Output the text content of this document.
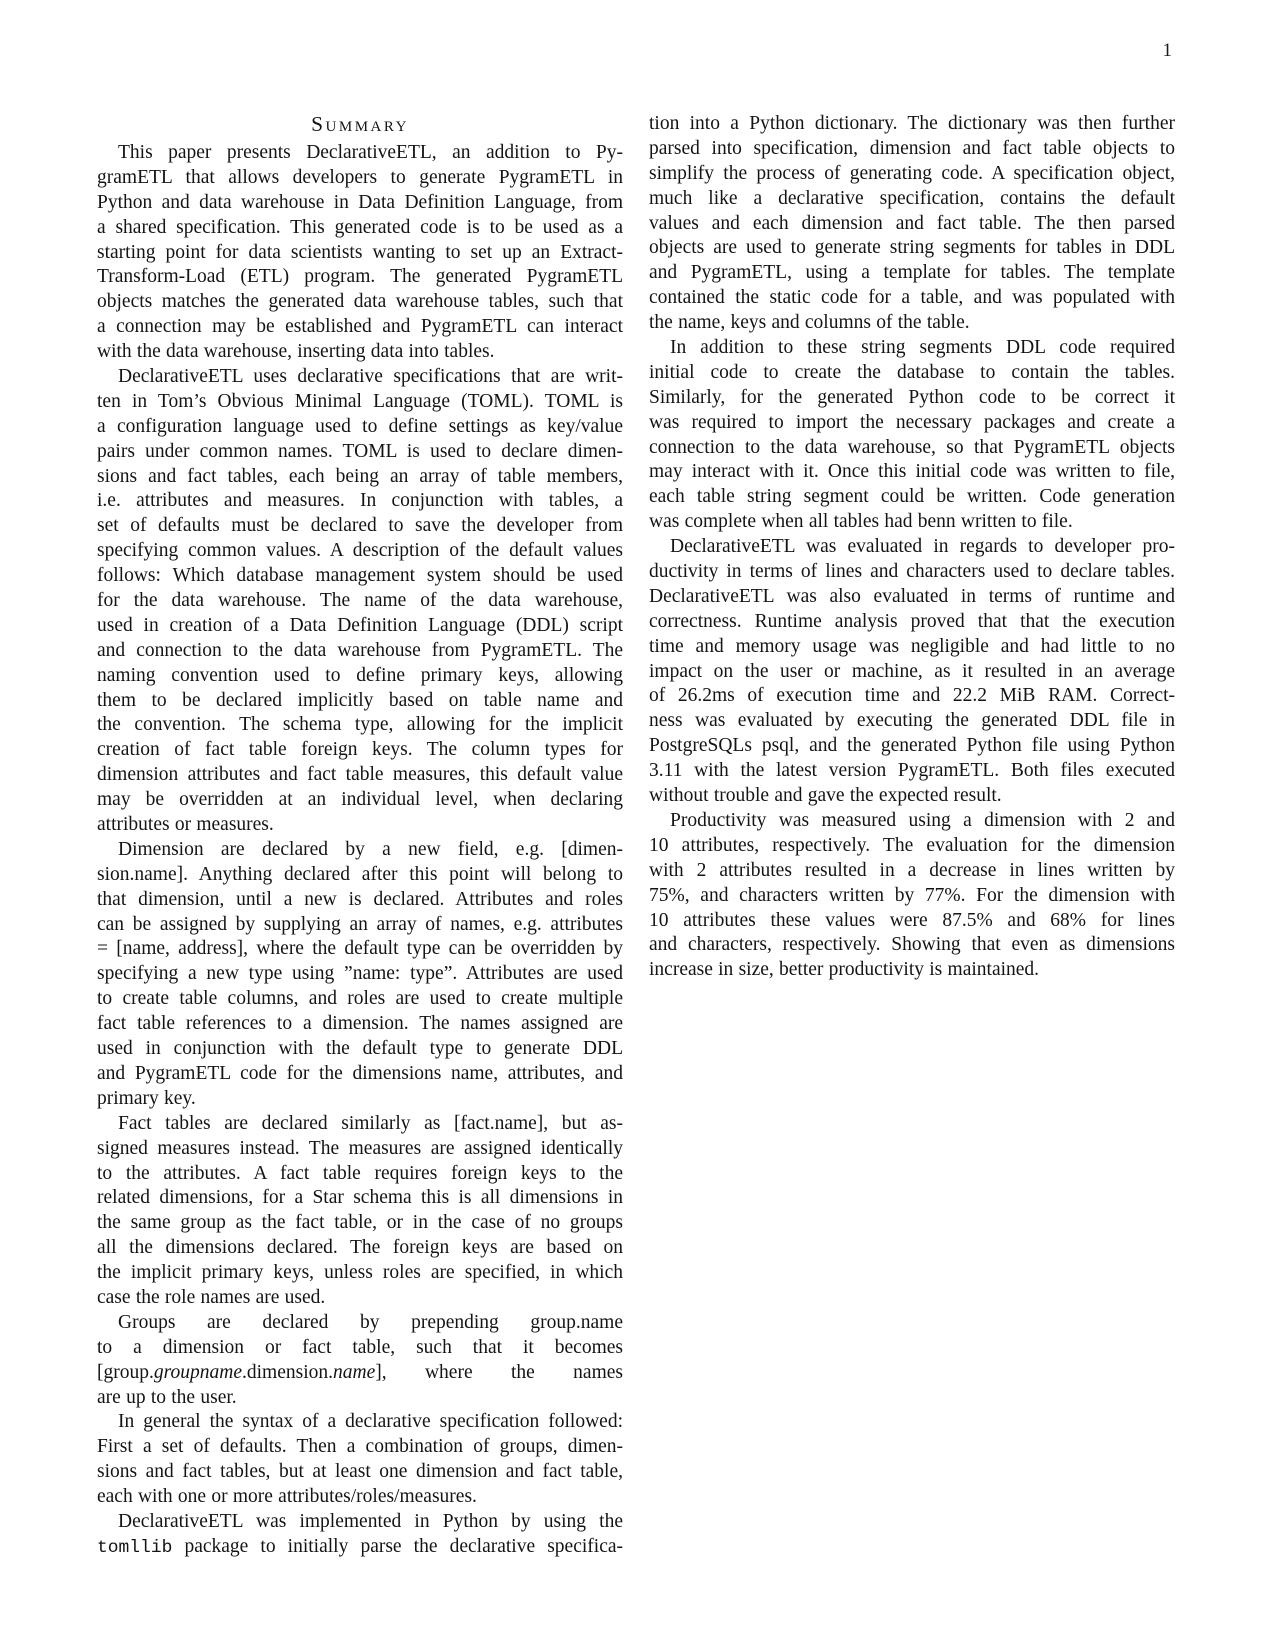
1
Summary
This paper presents DeclarativeETL, an addition to Py-
gramETL that allows developers to generate PygramETL in
Python and data warehouse in Data Definition Language, from
a shared specification. This generated code is to be used as a
starting point for data scientists wanting to set up an Extract-
Transform-Load (ETL) program. The generated PygramETL
objects matches the generated data warehouse tables, such that
a connection may be established and PygramETL can interact
with the data warehouse, inserting data into tables.
DeclarativeETL uses declarative specifications that are writ-
ten in Tom’s Obvious Minimal Language (TOML). TOML is
a configuration language used to define settings as key/value
pairs under common names. TOML is used to declare dimen-
sions and fact tables, each being an array of table members,
i.e. attributes and measures. In conjunction with tables, a
set of defaults must be declared to save the developer from
specifying common values. A description of the default values
follows: Which database management system should be used
for the data warehouse. The name of the data warehouse,
used in creation of a Data Definition Language (DDL) script
and connection to the data warehouse from PygramETL. The
naming convention used to define primary keys, allowing
them to be declared implicitly based on table name and
the convention. The schema type, allowing for the implicit
creation of fact table foreign keys. The column types for
dimension attributes and fact table measures, this default value
may be overridden at an individual level, when declaring
attributes or measures.
Dimension are declared by a new field, e.g. [dimen-
sion.name]. Anything declared after this point will belong to
that dimension, until a new is declared. Attributes and roles
can be assigned by supplying an array of names, e.g. attributes
= [name, address], where the default type can be overridden by
specifying a new type using ”name: type”. Attributes are used
to create table columns, and roles are used to create multiple
fact table references to a dimension. The names assigned are
used in conjunction with the default type to generate DDL
and PygramETL code for the dimensions name, attributes, and
primary key.
Fact tables are declared similarly as [fact.name], but as-
signed measures instead. The measures are assigned identically
to the attributes. A fact table requires foreign keys to the
related dimensions, for a Star schema this is all dimensions in
the same group as the fact table, or in the case of no groups
all the dimensions declared. The foreign keys are based on
the implicit primary keys, unless roles are specified, in which
case the role names are used.
Groups are declared by prepending group.name
to a dimension or fact table, such that it becomes
[group.groupname.dimension.name], where the names
are up to the user.
In general the syntax of a declarative specification followed:
First a set of defaults. Then a combination of groups, dimen-
sions and fact tables, but at least one dimension and fact table,
each with one or more attributes/roles/measures.
DeclarativeETL was implemented in Python by using the
tomllib package to initially parse the declarative specifica-
tion into a Python dictionary. The dictionary was then further
parsed into specification, dimension and fact table objects to
simplify the process of generating code. A specification object,
much like a declarative specification, contains the default
values and each dimension and fact table. The then parsed
objects are used to generate string segments for tables in DDL
and PygramETL, using a template for tables. The template
contained the static code for a table, and was populated with
the name, keys and columns of the table.
In addition to these string segments DDL code required
initial code to create the database to contain the tables.
Similarly, for the generated Python code to be correct it
was required to import the necessary packages and create a
connection to the data warehouse, so that PygramETL objects
may interact with it. Once this initial code was written to file,
each table string segment could be written. Code generation
was complete when all tables had benn written to file.
DeclarativeETL was evaluated in regards to developer pro-
ductivity in terms of lines and characters used to declare tables.
DeclarativeETL was also evaluated in terms of runtime and
correctness. Runtime analysis proved that that the execution
time and memory usage was negligible and had little to no
impact on the user or machine, as it resulted in an average
of 26.2ms of execution time and 22.2 MiB RAM. Correct-
ness was evaluated by executing the generated DDL file in
PostgreSQLs psql, and the generated Python file using Python
3.11 with the latest version PygramETL. Both files executed
without trouble and gave the expected result.
Productivity was measured using a dimension with 2 and
10 attributes, respectively. The evaluation for the dimension
with 2 attributes resulted in a decrease in lines written by
75%, and characters written by 77%. For the dimension with
10 attributes these values were 87.5% and 68% for lines
and characters, respectively. Showing that even as dimensions
increase in size, better productivity is maintained.
